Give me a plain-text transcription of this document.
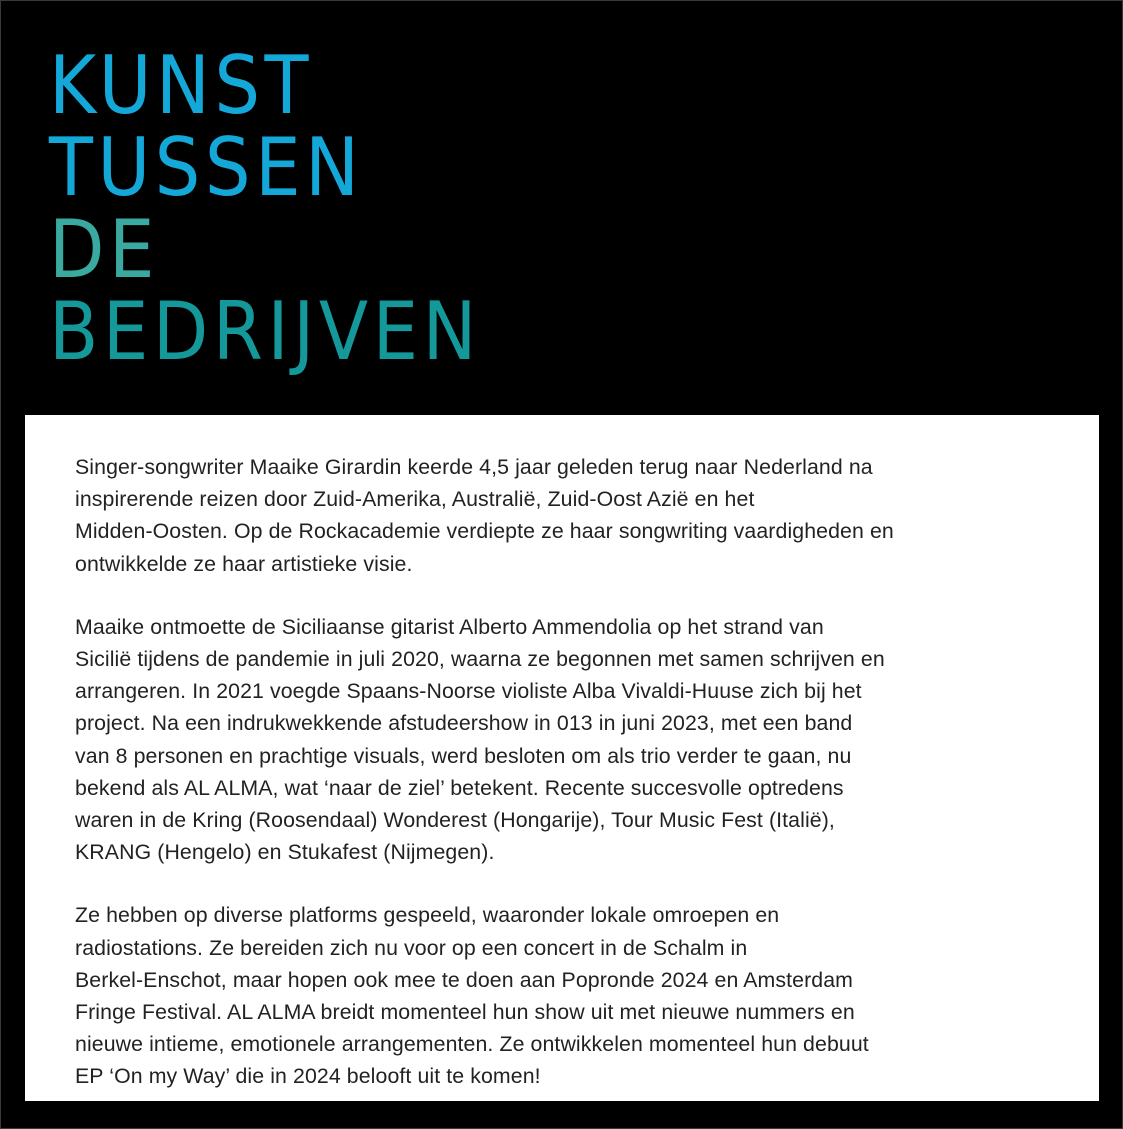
KUNST
TUSSEN
DE
BEDRIJVEN

Singer-songwriter Maaike Girardin keerde 4,5 jaar geleden terug naar Nederland na
inspirerende reizen door Zuid-Amerika, Australië, Zuid-Oost Azië en het
Midden-Oosten. Op de Rockacademie verdiepte ze haar songwriting vaardigheden en
ontwikkelde ze haar artistieke visie.

Maaike ontmoette de Siciliaanse gitarist Alberto Ammendolia op het strand van
Sicilië tijdens de pandemie in juli 2020, waarna ze begonnen met samen schrijven en
arrangeren. In 2021 voegde Spaans-Noorse violiste Alba Vivaldi-Huuse zich bij het
project. Na een indrukwekkende afstudeershow in 013 in juni 2023, met een band
van 8 personen en prachtige visuals, werd besloten om als trio verder te gaan, nu
bekend als AL ALMA, wat ‘naar de ziel’ betekent. Recente succesvolle optredens
waren in de Kring (Roosendaal) Wonderest (Hongarije), Tour Music Fest (Italië),
KRANG (Hengelo) en Stukafest (Nijmegen).

Ze hebben op diverse platforms gespeeld, waaronder lokale omroepen en
radiostations. Ze bereiden zich nu voor op een concert in de Schalm in
Berkel-Enschot, maar hopen ook mee te doen aan Popronde 2024 en Amsterdam
Fringe Festival. AL ALMA breidt momenteel hun show uit met nieuwe nummers en
nieuwe intieme, emotionele arrangementen. Ze ontwikkelen momenteel hun debuut
EP ‘On my Way’ die in 2024 belooft uit te komen!
